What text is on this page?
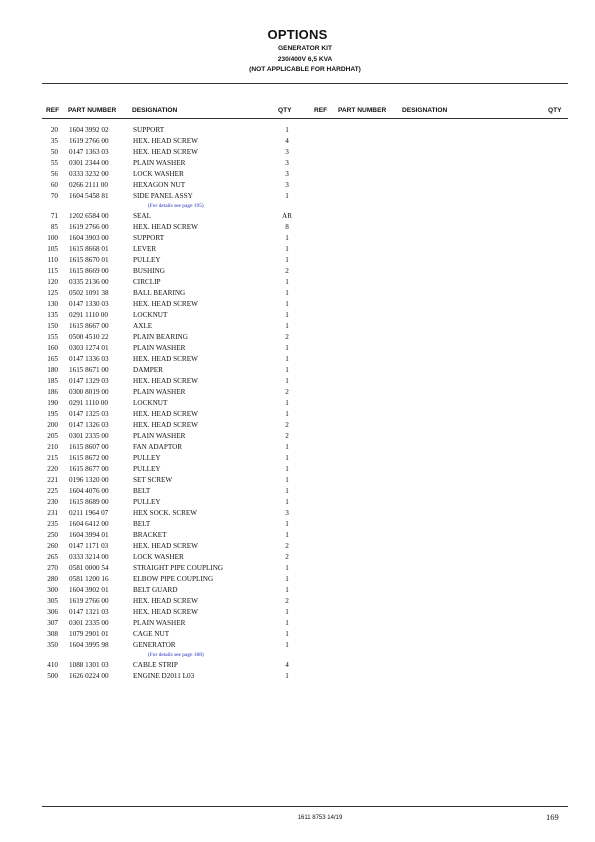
OPTIONS
GENERATOR KIT
230/400V 6,5 KVA
(NOT APPLICABLE FOR HARDHAT)
REF PART NUMBER DESIGNATION	QTY	REF PART NUMBER DESIGNATION	QTY
20 1604 3992 02	SUPPORT	1
35 1619 2766 00	HEX. HEAD SCREW	4
50 0147 1363 03	HEX. HEAD SCREW	3
55 0301 2344 00	PLAIN WASHER	3
56 0333 3232 00	LOCK WASHER	3
60 0266 2111 00	HEXAGON NUT	3
70 1604 5458 81	SIDE PANEL ASSY	1
(For details see page 195)
71 1202 6584 00	SEAL	AR
85 1619 2766 00	HEX. HEAD SCREW	8
100 1604 3903 00	SUPPORT	1
105 1615 8668 01	LEVER	1
110 1615 8670 01	PULLEY	1
115 1615 8669 00	BUSHING	2
120 0335 2136 00	CIRCLIP	1
125 0502 1091 38	BALL BEARING	1
130 0147 1330 03	HEX. HEAD SCREW	1
135 0291 1110 00	LOCKNUT	1
150 1615 8667 00	AXLE	1
155 0500 4510 22	PLAIN BEARING	2
160 0303 1274 01	PLAIN WASHER	1
165 0147 1336 03	HEX. HEAD SCREW	1
180 1615 8671 00	DAMPER	1
185 0147 1329 03	HEX. HEAD SCREW	1
186 0300 8019 00	PLAIN WASHER	2
190 0291 1110 00	LOCKNUT	1
195 0147 1325 03	HEX. HEAD SCREW	1
200 0147 1326 03	HEX. HEAD SCREW	2
205 0301 2335 00	PLAIN WASHER	2
210 1615 8607 00	FAN ADAPTOR	1
215 1615 8672 00	PULLEY	1
220 1615 8677 00	PULLEY	1
221 0196 1320 00	SET SCREW	1
225 1604 4076 00	BELT	1
230 1615 8689 00	PULLEY	1
231 0211 1964 07	HEX SOCK. SCREW	3
235 1604 6412 00	BELT	1
250 1604 3994 01	BRACKET	1
260 0147 1171 03	HEX. HEAD SCREW	2
265 0333 3214 00	LOCK WASHER	2
270 0581 0000 54	STRAIGHT PIPE COUPLING	1
280 0581 1200 16	ELBOW PIPE COUPLING	1
300 1604 3902 01	BELT GUARD	1
305 1619 2766 00	HEX. HEAD SCREW	2
306 0147 1321 03	HEX. HEAD SCREW	1
307 0301 2335 00	PLAIN WASHER	1
308 1079 2901 01	CAGE NUT	1
350 1604 3995 98	GENERATOR	1
(For details see page 188)
410 1088 1301 03	CABLE STRIP	4
500 1626 0224 00	ENGINE D2011 L03	1
1611 8753 14/19	169
